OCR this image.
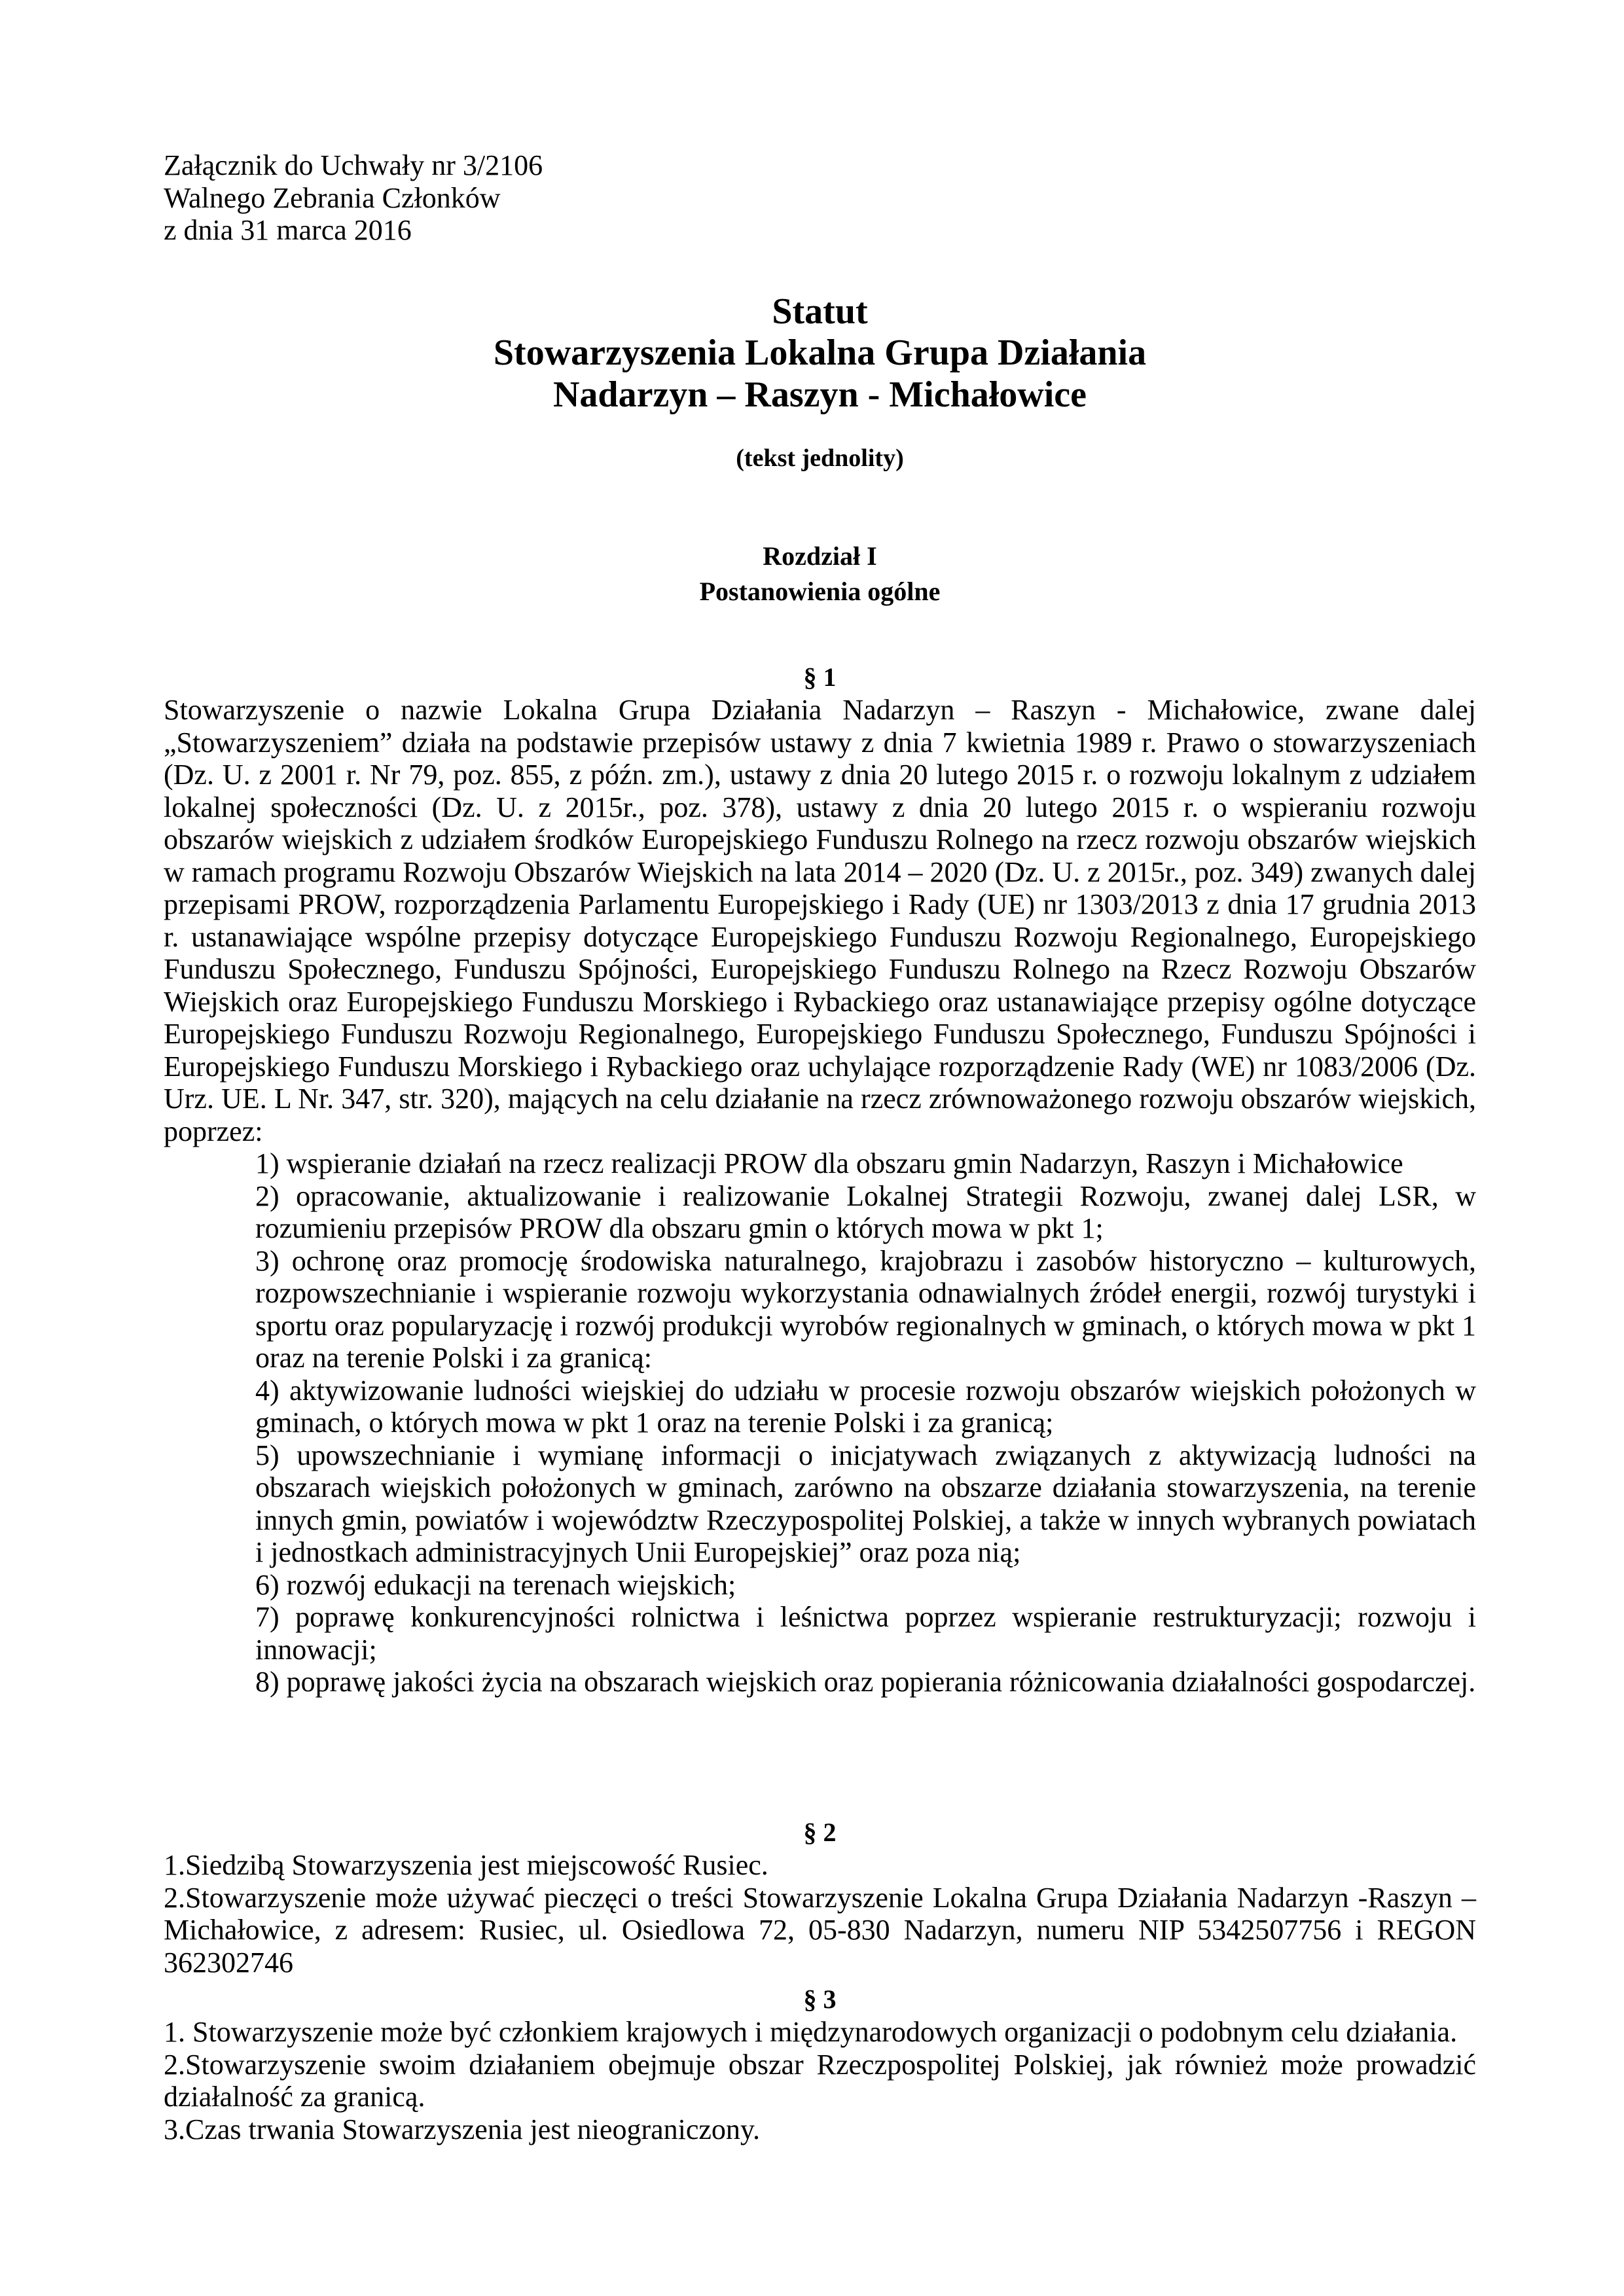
Załącznik do Uchwały nr 3/2106
Walnego Zebrania Członków
z dnia 31 marca 2016
Statut
Stowarzyszenia Lokalna Grupa Działania
Nadarzyn – Raszyn - Michałowice
(tekst jednolity)
Rozdział I
Postanowienia ogólne
§ 1

Stowarzyszenie o nazwie Lokalna Grupa Działania Nadarzyn – Raszyn - Michałowice, zwane dalej „Stowarzyszeniem” działa na podstawie przepisów ustawy z dnia 7 kwietnia 1989 r. Prawo o stowarzyszeniach (Dz. U. z 2001 r. Nr 79, poz. 855, z późn. zm.), ustawy z dnia 20 lutego 2015 r. o rozwoju lokalnym z udziałem lokalnej społeczności (Dz. U. z 2015r., poz. 378), ustawy z dnia 20 lutego 2015 r. o wspieraniu rozwoju obszarów wiejskich z udziałem środków Europejskiego Funduszu Rolnego na rzecz rozwoju obszarów wiejskich w ramach programu Rozwoju Obszarów Wiejskich na lata 2014 – 2020 (Dz. U. z 2015r., poz. 349) zwanych dalej przepisami PROW, rozporządzenia Parlamentu Europejskiego i Rady (UE) nr 1303/2013 z dnia 17 grudnia 2013 r. ustanawiające wspólne przepisy dotyczące Europejskiego Funduszu Rozwoju Regionalnego, Europejskiego Funduszu Społecznego, Funduszu Spójności, Europejskiego Funduszu Rolnego na Rzecz Rozwoju Obszarów Wiejskich oraz Europejskiego Funduszu Morskiego i Rybackiego oraz ustanawiające przepisy ogólne dotyczące Europejskiego Funduszu Rozwoju Regionalnego, Europejskiego Funduszu Społecznego, Funduszu Spójności i Europejskiego Funduszu Morskiego i Rybackiego oraz uchylające rozporządzenie Rady (WE) nr 1083/2006 (Dz. Urz. UE. L Nr. 347, str. 320), mających na celu działanie na rzecz zrównoważonego rozwoju obszarów wiejskich, poprzez:

1) wspieranie działań na rzecz realizacji PROW dla obszaru gmin Nadarzyn, Raszyn i Michałowice
2) opracowanie, aktualizowanie i realizowanie Lokalnej Strategii Rozwoju, zwanej dalej LSR, w rozumieniu przepisów PROW dla obszaru gmin o których mowa w pkt 1;
3) ochronę oraz promocję środowiska naturalnego, krajobrazu i zasobów historyczno – kulturowych, rozpowszechnianie i wspieranie rozwoju wykorzystania odnawialnych źródeł energii, rozwój turystyki i sportu oraz popularyzację i rozwój produkcji wyrobów regionalnych w gminach, o których mowa w pkt 1 oraz na terenie Polski i za granicą:
4) aktywizowanie ludności wiejskiej do udziału w procesie rozwoju obszarów wiejskich położonych w gminach, o których mowa w pkt 1 oraz na terenie Polski i za granicą;
5) upowszechnianie i wymianę informacji o inicjatywach związanych z aktywizacją ludności na obszarach wiejskich położonych w gminach, zarówno na obszarze działania stowarzyszenia, na terenie innych gmin, powiatów i województw Rzeczypospolitej Polskiej, a także w innych wybranych powiatach i jednostkach administracyjnych Unii Europejskiej” oraz poza nią;
6) rozwój edukacji na terenach wiejskich;
7) poprawę konkurencyjności rolnictwa i leśnictwa poprzez wspieranie restrukturyzacji; rozwoju i innowacji;
8) poprawę jakości życia na obszarach wiejskich oraz popierania różnicowania działalności gospodarczej.
§ 2

1.Siedzibą Stowarzyszenia jest miejscowość Rusiec.

2.Stowarzyszenie może używać pieczęci o treści Stowarzyszenie Lokalna Grupa Działania Nadarzyn -Raszyn – Michałowice, z adresem: Rusiec, ul. Osiedlowa 72, 05-830 Nadarzyn, numeru NIP 5342507756 i REGON 362302746

§ 3

1. Stowarzyszenie może być członkiem krajowych i międzynarodowych organizacji o podobnym celu działania.

2.Stowarzyszenie swoim działaniem obejmuje obszar Rzeczpospolitej Polskiej, jak również może prowadzić działalność za granicą.

3.Czas trwania Stowarzyszenia jest nieograniczony.
